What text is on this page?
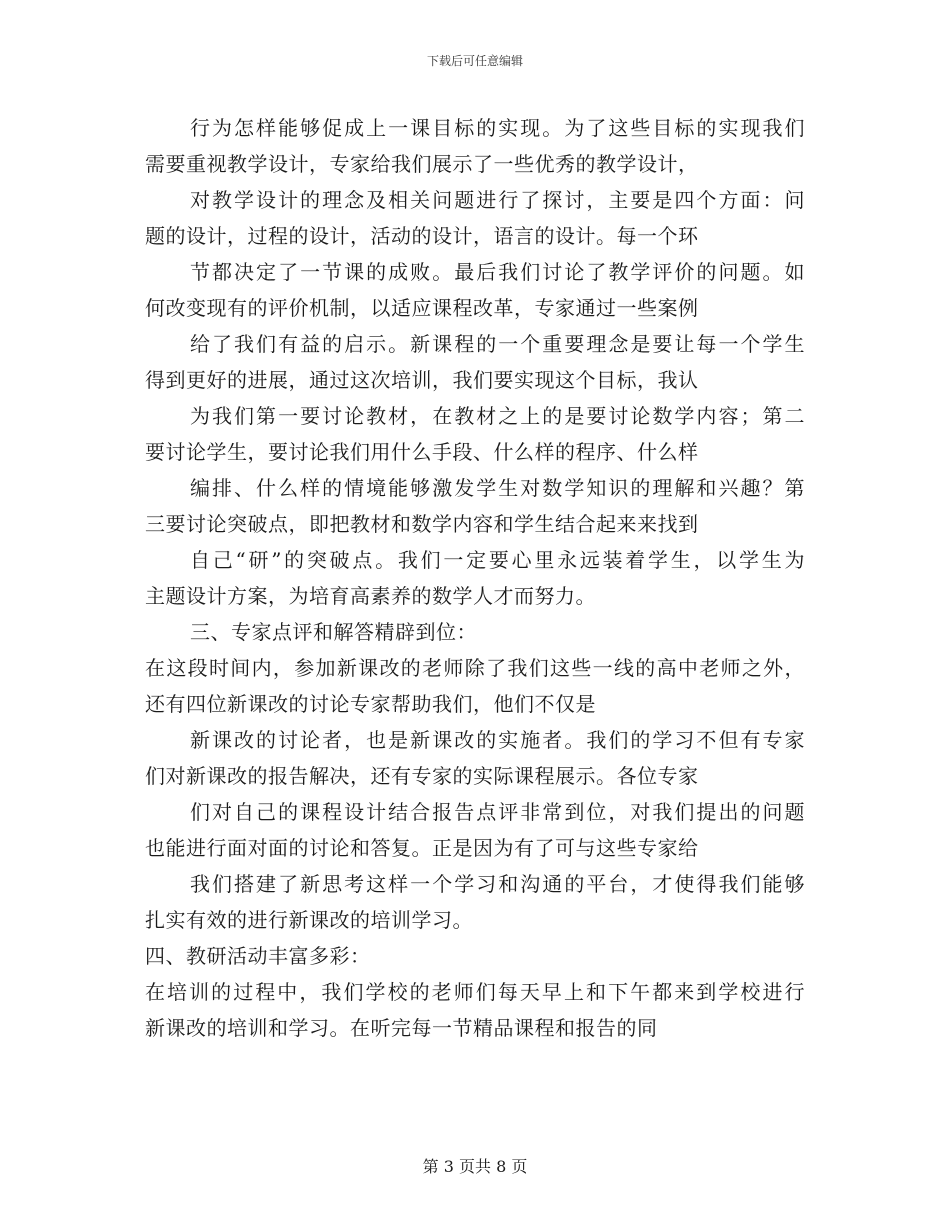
下载后可任意编辑
行为怎样能够促成上一课目标的实现。为了这些目标的实现我们
需要重视教学设计，专家给我们展示了一些优秀的教学设计，
对教学设计的理念及相关问题进行了探讨，主要是四个方面：问
题的设计，过程的设计，活动的设计，语言的设计。每一个环
节都决定了一节课的成败。最后我们讨论了教学评价的问题。如
何改变现有的评价机制，以适应课程改革，专家通过一些案例
给了我们有益的启示。新课程的一个重要理念是要让每一个学生
得到更好的进展，通过这次培训，我们要实现这个目标，我认
为我们第一要讨论教材，在教材之上的是要讨论数学内容；第二
要讨论学生，要讨论我们用什么手段、什么样的程序、什么样
编排、什么样的情境能够激发学生对数学知识的理解和兴趣？第
三要讨论突破点，即把教材和数学内容和学生结合起来来找到
自己“研”的突破点。我们一定要心里永远装着学生，以学生为
主题设计方案，为培育高素养的数学人才而努力。
三、专家点评和解答精辟到位：
在这段时间内，参加新课改的老师除了我们这些一线的高中老师之外，
还有四位新课改的讨论专家帮助我们，他们不仅是
新课改的讨论者，也是新课改的实施者。我们的学习不但有专家
们对新课改的报告解决，还有专家的实际课程展示。各位专家
们对自己的课程设计结合报告点评非常到位，对我们提出的问题
也能进行面对面的讨论和答复。正是因为有了可与这些专家给
我们搭建了新思考这样一个学习和沟通的平台，才使得我们能够
扎实有效的进行新课改的培训学习。
四、教研活动丰富多彩：
在培训的过程中，我们学校的老师们每天早上和下午都来到学校进行
新课改的培训和学习。在听完每一节精品课程和报告的同
第 3 页共 8 页
